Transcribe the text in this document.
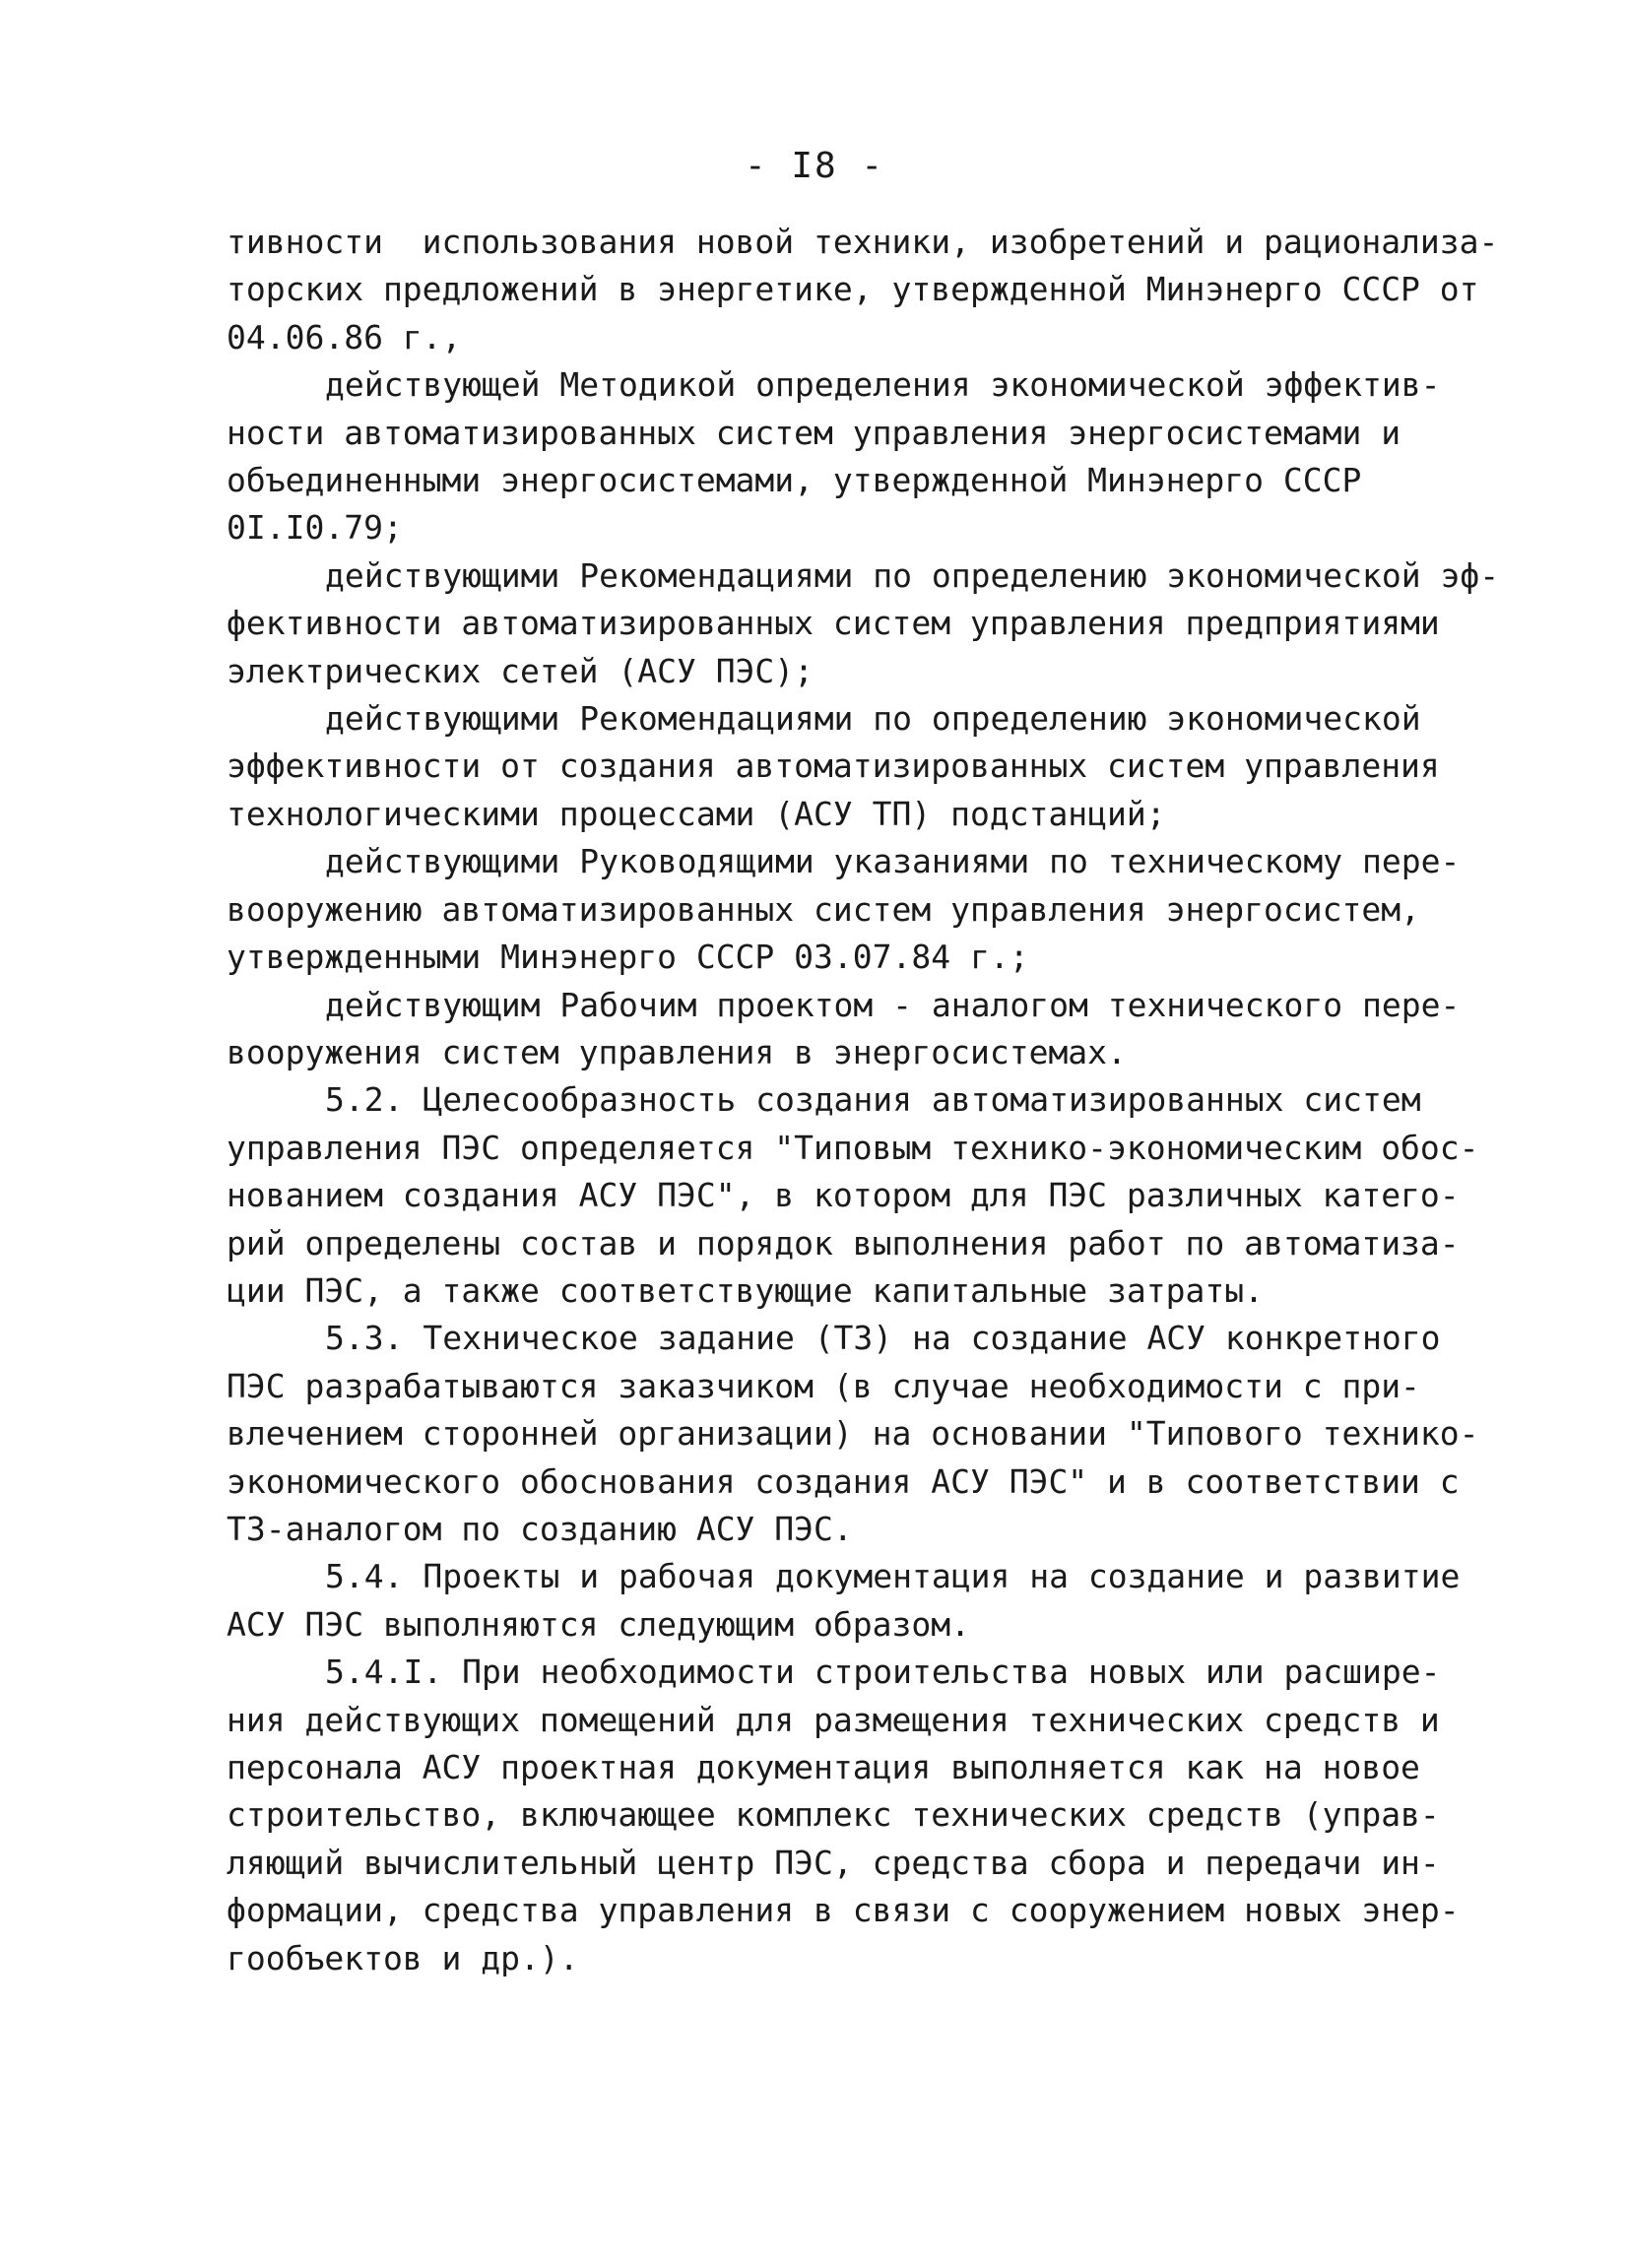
- I8 -
тивности  использования новой техники, изобретений и рационализа-
торских предложений в энергетике, утвержденной Минэнерго СССР от
04.06.86 г.,
действующей Методикой определения экономической эффектив-
ности автоматизированных систем управления энергосистемами и
объединенными энергосистемами, утвержденной Минэнерго СССР
0I.I0.79;
действующими Рекомендациями по определению экономической эф-
фективности автоматизированных систем управления предприятиями
электрических сетей (АСУ ПЭС);
действующими Рекомендациями по определению экономической
эффективности от создания автоматизированных систем управления
технологическими процессами (АСУ ТП) подстанций;
действующими Руководящими указаниями по техническому пере-
вооружению автоматизированных систем управления энергосистем,
утвержденными Минэнерго СССР 03.07.84 г.;
действующим Рабочим проектом - аналогом технического пере-
вооружения систем управления в энергосистемах.
5.2. Целесообразность создания автоматизированных систем
управления ПЭС определяется "Типовым технико-экономическим обос-
нованием создания АСУ ПЭС", в котором для ПЭС различных катего-
рий определены состав и порядок выполнения работ по автоматиза-
ции ПЭС, а также соответствующие капитальные затраты.
5.3. Техническое задание (ТЗ) на создание АСУ конкретного
ПЭС разрабатываются заказчиком (в случае необходимости с при-
влечением сторонней организации) на основании "Типового технико-
экономического обоснования создания АСУ ПЭС" и в соответствии с
ТЗ-аналогом по созданию АСУ ПЭС.
5.4. Проекты и рабочая документация на создание и развитие
АСУ ПЭС выполняются следующим образом.
5.4.I. При необходимости строительства новых или расшире-
ния действующих помещений для размещения технических средств и
персонала АСУ проектная документация выполняется как на новое
строительство, включающее комплекс технических средств (управ-
ляющий вычислительный центр ПЭС, средства сбора и передачи ин-
формации, средства управления в связи с сооружением новых энер-
гообъектов и др.).
